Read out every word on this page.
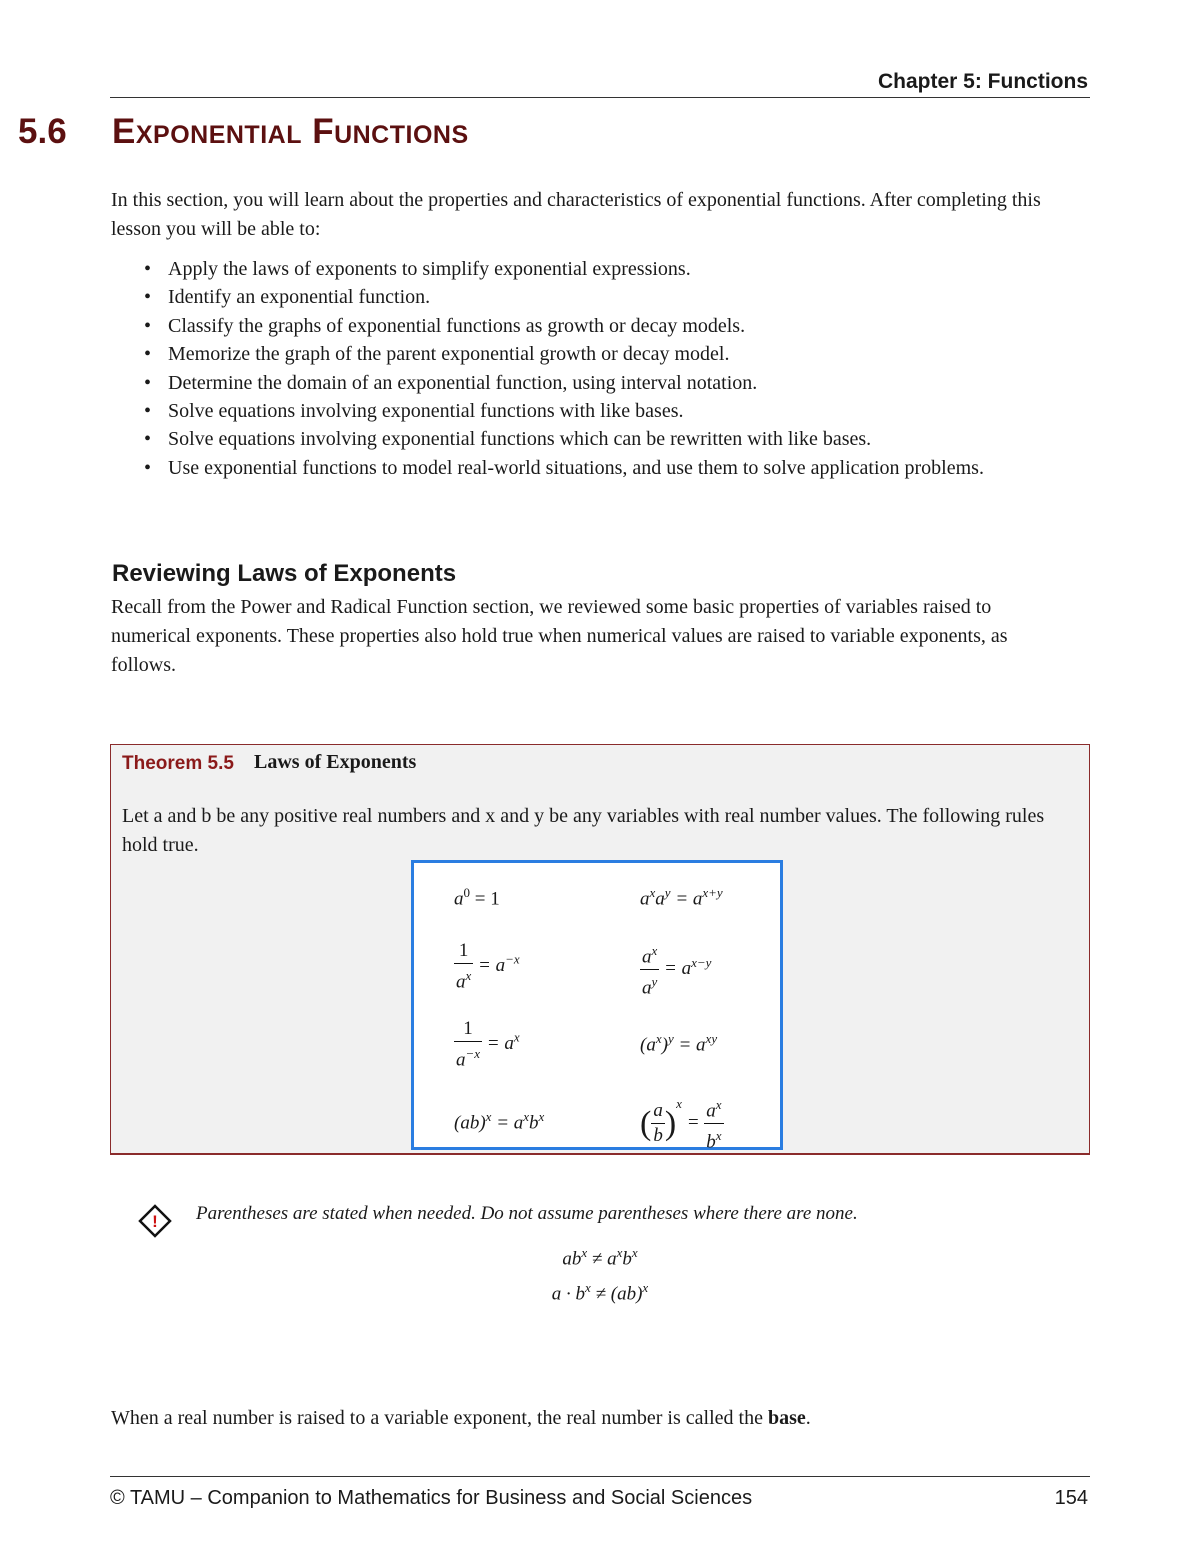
Chapter 5: Functions
5.6 Exponential Functions
In this section, you will learn about the properties and characteristics of exponential functions. After completing this lesson you will be able to:
• Apply the laws of exponents to simplify exponential expressions.
• Identify an exponential function.
• Classify the graphs of exponential functions as growth or decay models.
• Memorize the graph of the parent exponential growth or decay model.
• Determine the domain of an exponential function, using interval notation.
• Solve equations involving exponential functions with like bases.
• Solve equations involving exponential functions which can be rewritten with like bases.
• Use exponential functions to model real-world situations, and use them to solve application problems.
Reviewing Laws of Exponents
Recall from the Power and Radical Function section, we reviewed some basic properties of variables raised to numerical exponents. These properties also hold true when numerical values are raised to variable exponents, as follows.
Theorem 5.5 Laws of Exponents
Let a and b be any positive real numbers and x and y be any variables with real number values. The following rules hold true.
$a^0 = 1$	$a^xa^y = a^{x+y}$
$\frac{1}{a^x} = a^{-x}$	$\frac{a^x}{a^y} = a^{x-y}$
$\frac{1}{a^{-x}} = a^x$	$(a^x)^y = a^{xy}$
$(ab)^x = a^xb^x$	( $\frac{a}{b} )^x = \frac{a^x}{b^x}$
! Parentheses are stated when needed. Do not assume parentheses where there are none.
$ab^x \ne a^xb^x$
$a \cdot b^x \ne (ab)^x$
When a real number is raised to a variable exponent, the real number is called the base.
© TAMU – Companion to Mathematics for Business and Social Sciences	154
